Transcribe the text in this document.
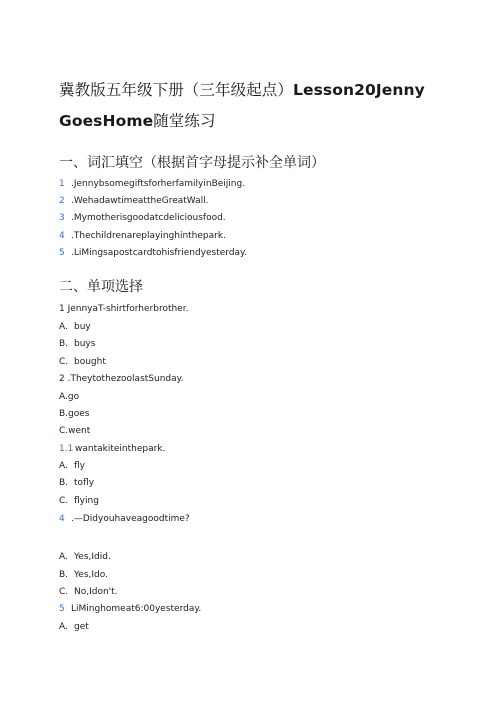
冀教版五年级下册（三年级起点）Lesson20Jenny
GoesHome随堂练习
一、词汇填空（根据首字母提示补全单词）
1 .JennybsomegiftsforherfamilyinBeijing.
2 .WehadawtimeattheGreatWall.
3 .Mymotherisgoodatcdeliciousfood.
4 .Thechildrenareplayinghinthepark.
5 .LiMingsapostcardtohisfriendyesterday.
二、单项选择
1 JennyaT-shirtforherbrother.
A. buy
B. buys
C. bought
2 .TheytothezoolastSunday.
A.go
B.goes
C.went
1.1 wantakiteinthepark.
A. fly
B. tofly
C. flying
4 .—Didyouhaveagoodtime?
A. Yes,Idid.
B. Yes,Ido.
C. No,Idon't.
5 LiMinghomeat6:00yesterday.
A. get
